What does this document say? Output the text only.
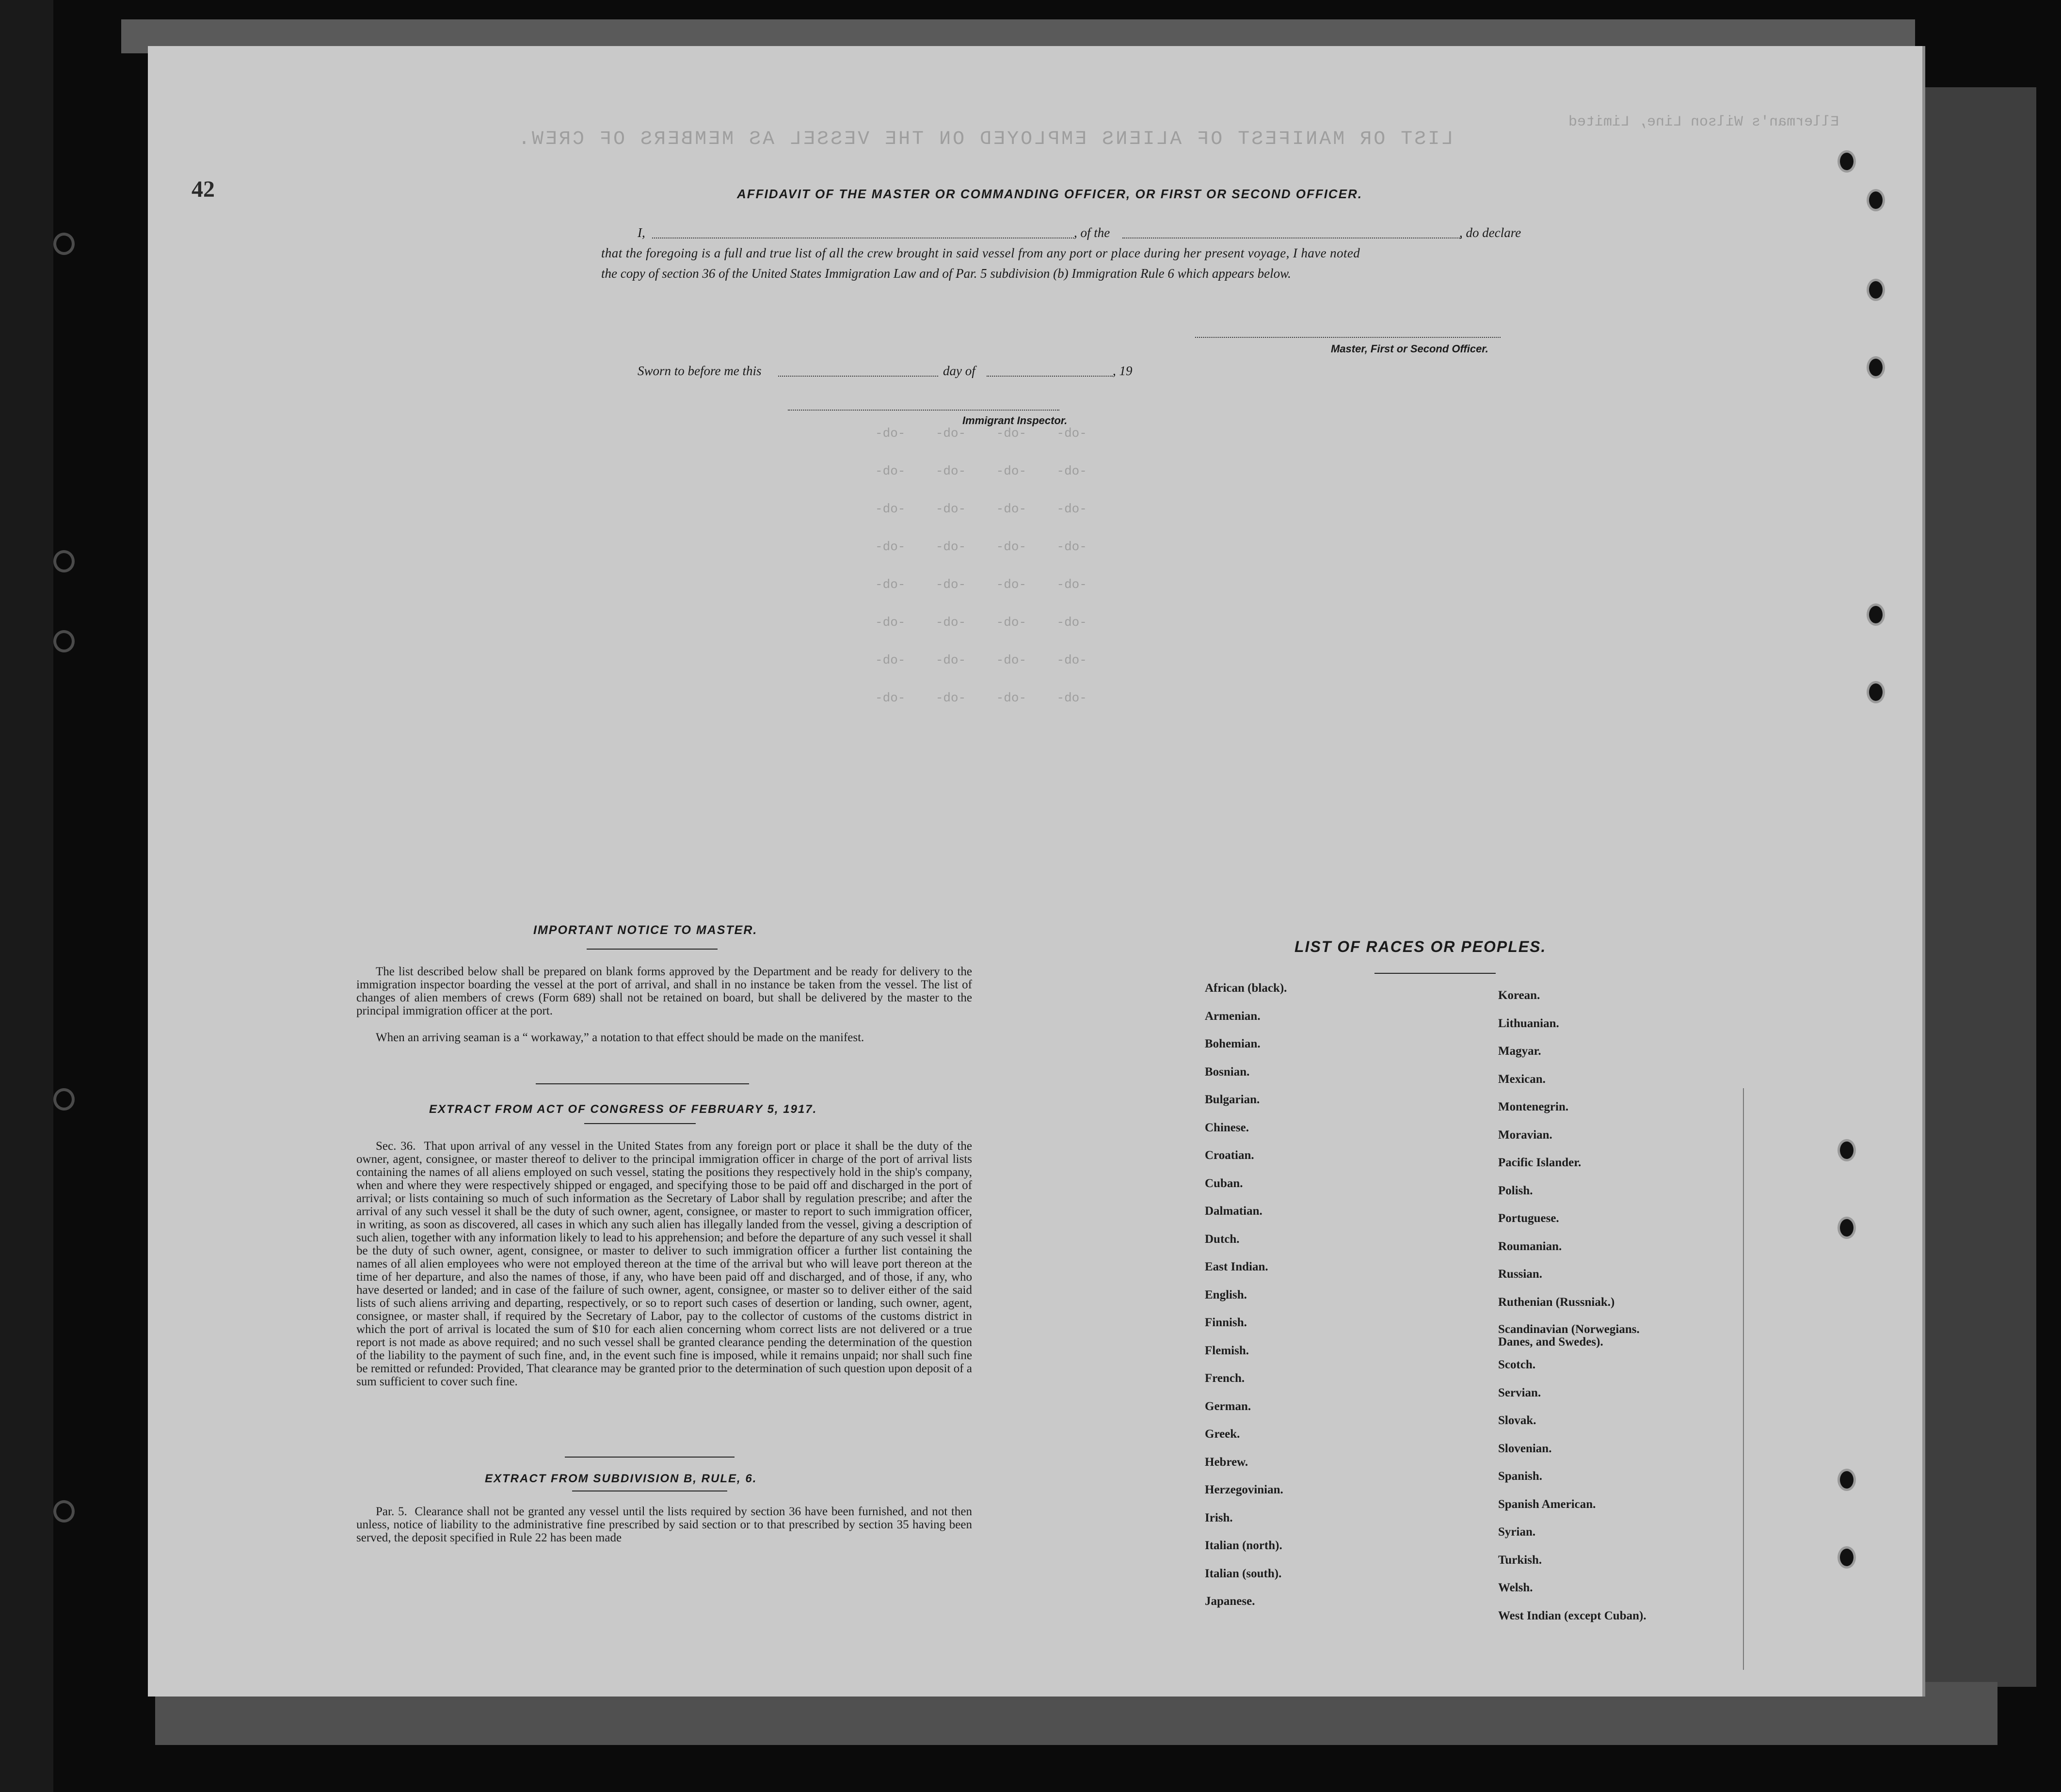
LIST OR MANIFEST OF ALIENS EMPLOYED ON THE VESSEL AS MEMBERS OF CREW.
Ellerman's Wilson Line, Limited
-do-    -do-    -do-    -do-
-do-    -do-    -do-    -do-
-do-    -do-    -do-    -do-
-do-    -do-    -do-    -do-
-do-    -do-    -do-    -do-
-do-    -do-    -do-    -do-
-do-    -do-    -do-    -do-
-do-    -do-    -do-    -do-
42	AFFIDAVIT OF THE MASTER OR COMMANDING OFFICER, OR FIRST OR SECOND OFFICER.
I,	, of the	, do declare
that the foregoing is a full and true list of all the crew brought in said vessel from any port or place during her present voyage, I have noted
the copy of section 36 of the United States Immigration Law and of Par. 5 subdivision (b) Immigration Rule 6 which appears below.
Master, First or Second Officer.
Sworn to before me this	day of	, 19
Immigrant Inspector.
IMPORTANT NOTICE TO MASTER.
The list described below shall be prepared on blank forms approved by the Department and be ready for delivery to the immigration inspector boarding the vessel at the port of arrival, and shall in no instance be taken from the vessel. The list of changes of alien members of crews (Form 689) shall not be retained on board, but shall be delivered by the master to the principal immigration officer at the port.
When an arriving seaman is a “ workaway,” a notation to that effect should be made on the manifest.
EXTRACT FROM ACT OF CONGRESS OF FEBRUARY 5, 1917.
Sec. 36. That upon arrival of any vessel in the United States from any foreign port or place it shall be the duty of the owner, agent, consignee, or master thereof to deliver to the principal immigration officer in charge of the port of arrival lists containing the names of all aliens employed on such vessel, stating the positions they respectively hold in the ship's company, when and where they were respectively shipped or engaged, and specifying those to be paid off and discharged in the port of arrival; or lists containing so much of such information as the Secretary of Labor shall by regulation prescribe; and after the arrival of any such vessel it shall be the duty of such owner, agent, consignee, or master to report to such immigration officer, in writing, as soon as discovered, all cases in which any such alien has illegally landed from the vessel, giving a description of such alien, together with any information likely to lead to his apprehension; and before the departure of any such vessel it shall be the duty of such owner, agent, consignee, or master to deliver to such immigration officer a further list containing the names of all alien employees who were not employed thereon at the time of the arrival but who will leave port thereon at the time of her departure, and also the names of those, if any, who have been paid off and discharged, and of those, if any, who have deserted or landed; and in case of the failure of such owner, agent, consignee, or master so to deliver either of the said lists of such aliens arriving and departing, respectively, or so to report such cases of desertion or landing, such owner, agent, consignee, or master shall, if required by the Secretary of Labor, pay to the collector of customs of the customs district in which the port of arrival is located the sum of $10 for each alien concerning whom correct lists are not delivered or a true report is not made as above required; and no such vessel shall be granted clearance pending the determination of the question of the liability to the payment of such fine, and, in the event such fine is imposed, while it remains unpaid; nor shall such fine be remitted or refunded: Provided, That clearance may be granted prior to the determination of such question upon deposit of a sum sufficient to cover such fine.
EXTRACT FROM SUBDIVISION B, RULE, 6.
Par. 5. Clearance shall not be granted any vessel until the lists required by section 36 have been furnished, and not then unless, notice of liability to the administrative fine prescribed by said section or to that prescribed by section 35 having been served, the deposit specified in Rule 22 has been made
LIST OF RACES OR PEOPLES.
African (black).
Armenian.
Bohemian.
Bosnian.
Bulgarian.
Chinese.
Croatian.
Cuban.
Dalmatian.
Dutch.
East Indian.
English.
Finnish.
Flemish.
French.
German.
Greek.
Hebrew.
Herzegovinian.
Irish.
Italian (north).
Italian (south).
Japanese.
Korean.
Lithuanian.
Magyar.
Mexican.
Montenegrin.
Moravian.
Pacific Islander.
Polish.
Portuguese.
Roumanian.
Russian.
Ruthenian (Russniak.)
Scandinavian (Norwegians. Danes, and Swedes).
Scotch.
Servian.
Slovak.
Slovenian.
Spanish.
Spanish American.
Syrian.
Turkish.
Welsh.
West Indian (except Cuban).
